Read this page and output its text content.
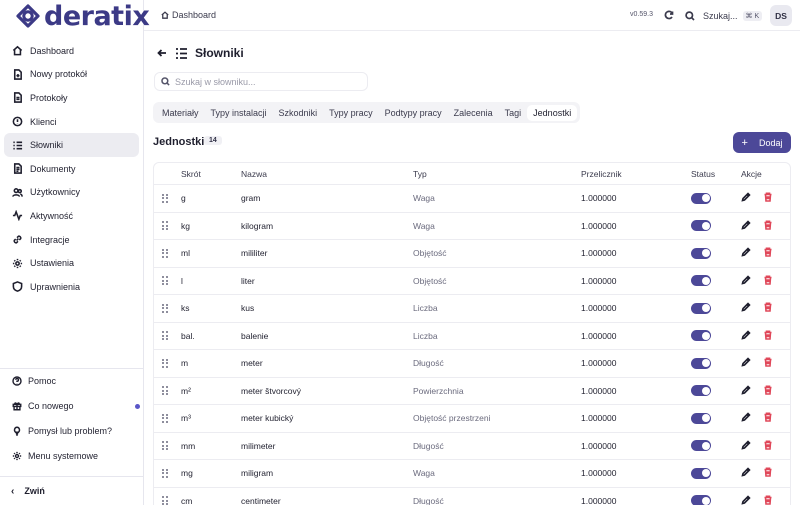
deratix
Dashboard
Nowy protokół
Protokoły
Klienci
Słowniki
Dokumenty
Użytkownicy
Aktywność
Integracje
Ustawienia
Uprawnienia
Pomoc
Co nowego
Pomysł lub problem?
Menu systemowe
‹ Zwiń
Dashboard	v0.59.3	Szukaj...	⌘ K	DS
Słowniki
Szukaj w słowniku...
Materiały	Typy instalacji	Szkodniki	Typy pracy	Podtypy pracy	Zalecenia	Tagi	Jednostki
Jednostki 14	+ Dodaj
Skrót	Nazwa	Typ	Przelicznik	Status	Akcje
g	gram	Waga	1.000000
kg	kilogram	Waga	1.000000
ml	mililiter	Objętość	1.000000
l	liter	Objętość	1.000000
ks	kus	Liczba	1.000000
bal.	balenie	Liczba	1.000000
m	meter	Długość	1.000000
m²	meter štvorcový	Powierzchnia	1.000000
m³	meter kubický	Objętość przestrzeni	1.000000
mm	milimeter	Długość	1.000000
mg	miligram	Waga	1.000000
cm	centimeter	Długość	1.000000
